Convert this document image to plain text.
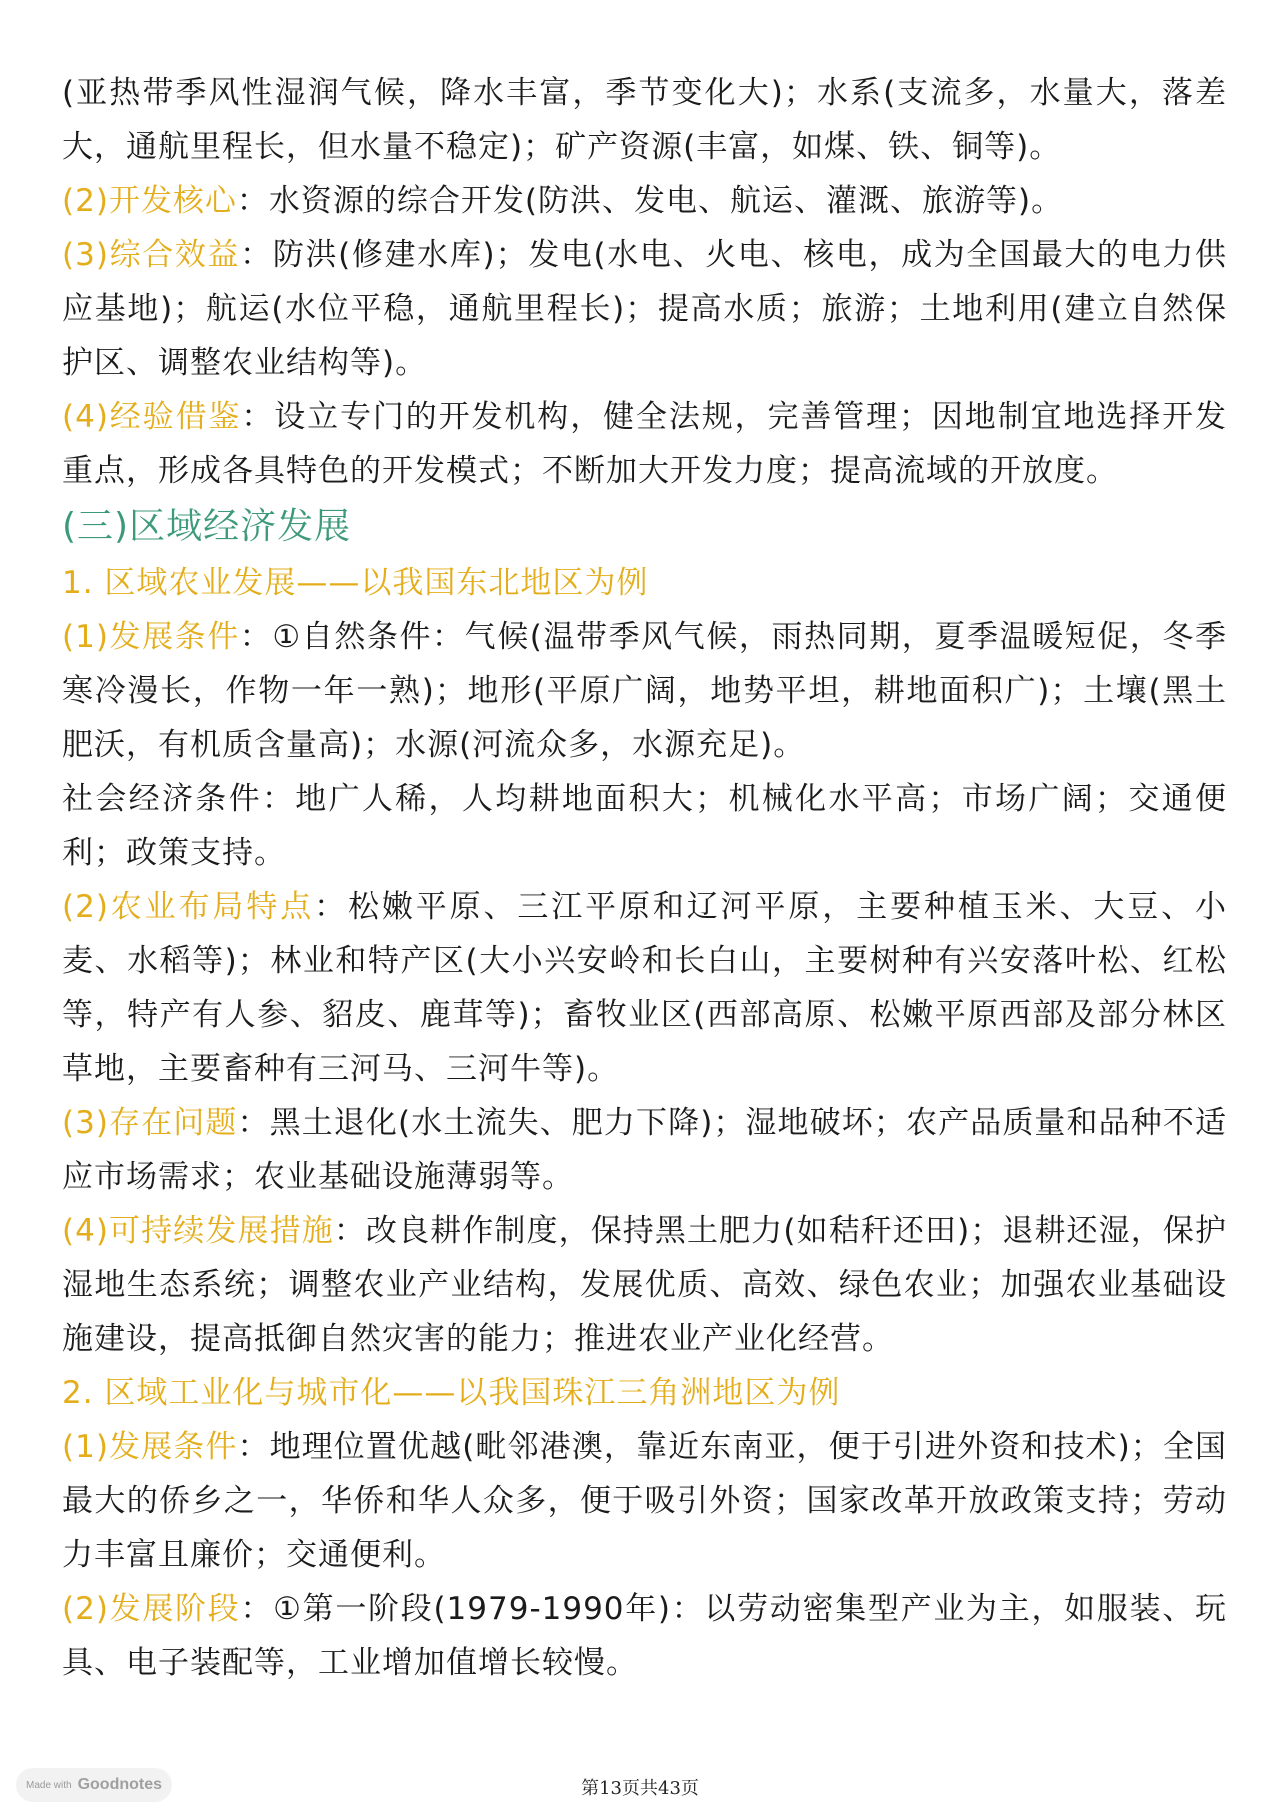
(亚热带季风性湿润气候，降水丰富，季节变化大)；水系(支流多，水量大，落差大，通航里程长，但水量不稳定)；矿产资源(丰富，如煤、铁、铜等)。

(2)开发核心：水资源的综合开发(防洪、发电、航运、灌溉、旅游等)。

(3)综合效益：防洪(修建水库)；发电(水电、火电、核电，成为全国最大的电力供应基地)；航运(水位平稳，通航里程长)；提高水质；旅游；土地利用(建立自然保护区、调整农业结构等)。

(4)经验借鉴：设立专门的开发机构，健全法规，完善管理；因地制宜地选择开发重点，形成各具特色的开发模式；不断加大开发力度；提高流域的开放度。

(三)区域经济发展
1. 区域农业发展——以我国东北地区为例

(1)发展条件：①自然条件：气候(温带季风气候，雨热同期，夏季温暖短促，冬季寒冷漫长，作物一年一熟)；地形(平原广阔，地势平坦，耕地面积广)；土壤(黑土肥沃，有机质含量高)；水源(河流众多，水源充足)。

社会经济条件：地广人稀，人均耕地面积大；机械化水平高；市场广阔；交通便利；政策支持。

(2)农业布局特点：松嫩平原、三江平原和辽河平原，主要种植玉米、大豆、小麦、水稻等)；林业和特产区(大小兴安岭和长白山，主要树种有兴安落叶松、红松等，特产有人参、貂皮、鹿茸等)；畜牧业区(西部高原、松嫩平原西部及部分林区草地，主要畜种有三河马、三河牛等)。

(3)存在问题：黑土退化(水土流失、肥力下降)；湿地破坏；农产品质量和品种不适应市场需求；农业基础设施薄弱等。

(4)可持续发展措施：改良耕作制度，保持黑土肥力(如秸秆还田)；退耕还湿，保护湿地生态系统；调整农业产业结构，发展优质、高效、绿色农业；加强农业基础设施建设，提高抵御自然灾害的能力；推进农业产业化经营。

2. 区域工业化与城市化——以我国珠江三角洲地区为例

(1)发展条件：地理位置优越(毗邻港澳，靠近东南亚，便于引进外资和技术)；全国最大的侨乡之一，华侨和华人众多，便于吸引外资；国家改革开放政策支持；劳动力丰富且廉价；交通便利。

(2)发展阶段：①第一阶段(1979-1990年)：以劳动密集型产业为主，如服装、玩具、电子装配等，工业增加值增长较慢。

Made with Goodnotes	第13页共43页
